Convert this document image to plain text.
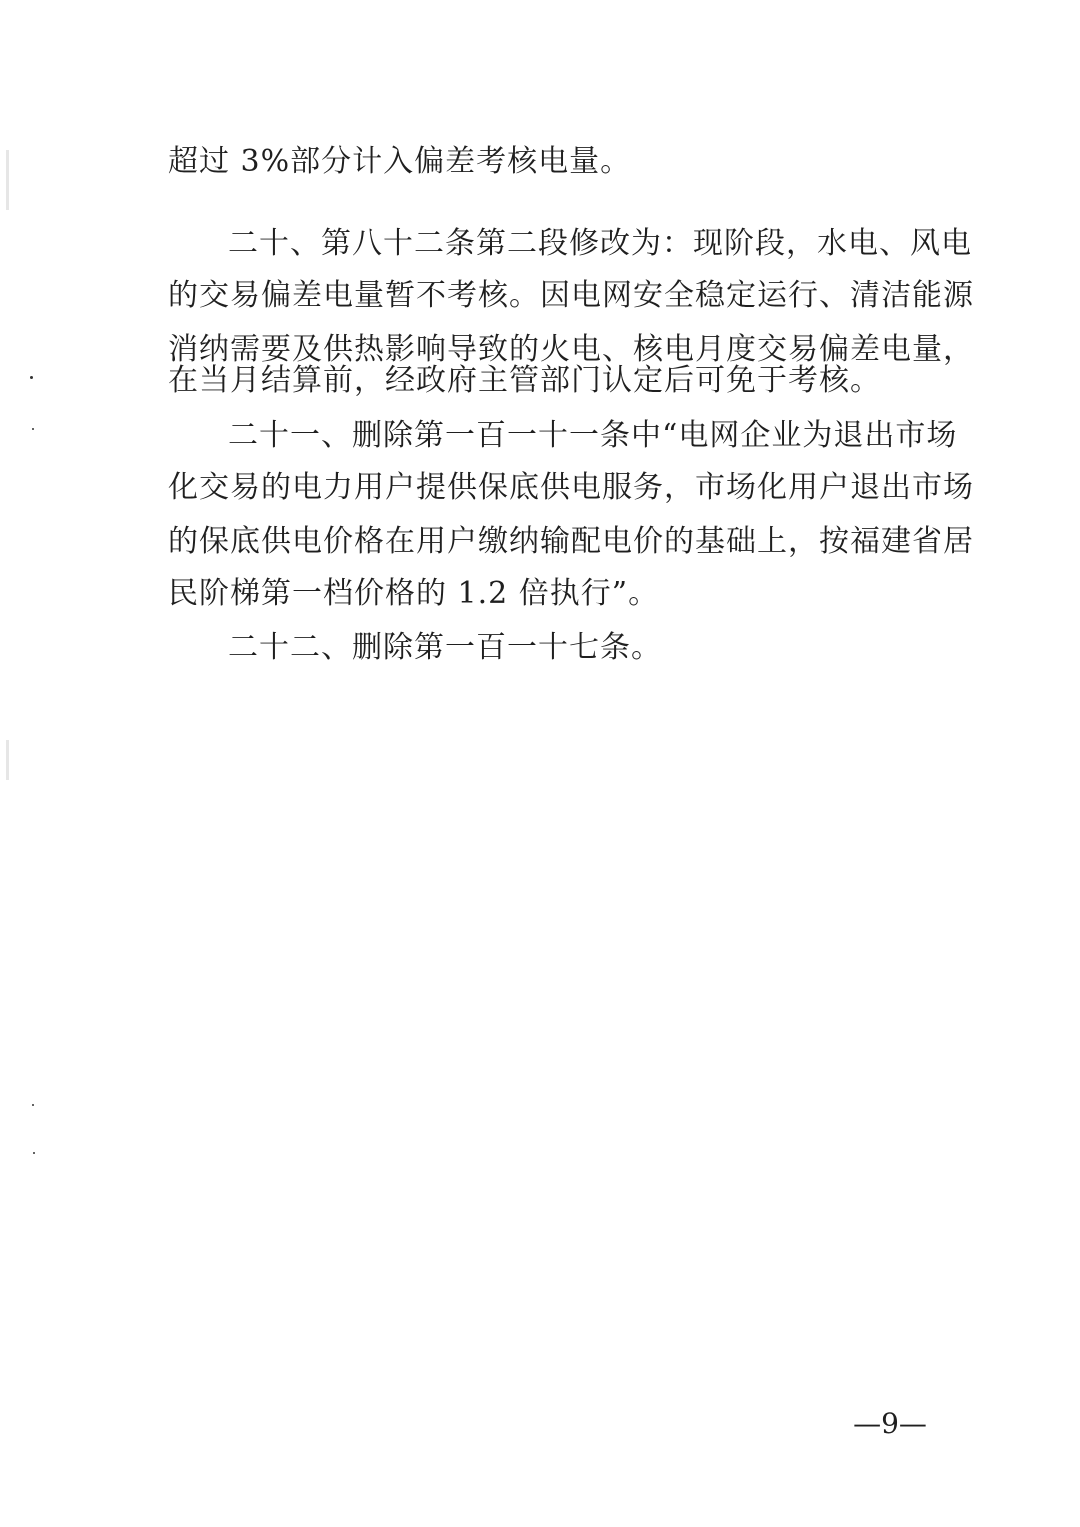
超过 3%部分计入偏差考核电量。
二十、第八十二条第二段修改为：现阶段，水电、风电
的交易偏差电量暂不考核。因电网安全稳定运行、清洁能源
消纳需要及供热影响导致的火电、核电月度交易偏差电量，
在当月结算前，经政府主管部门认定后可免于考核。
二十一、删除第一百一十一条中“电网企业为退出市场
化交易的电力用户提供保底供电服务，市场化用户退出市场
的保底供电价格在用户缴纳输配电价的基础上，按福建省居
民阶梯第一档价格的 1.2 倍执行”。
二十二、删除第一百一十七条。
—9—
